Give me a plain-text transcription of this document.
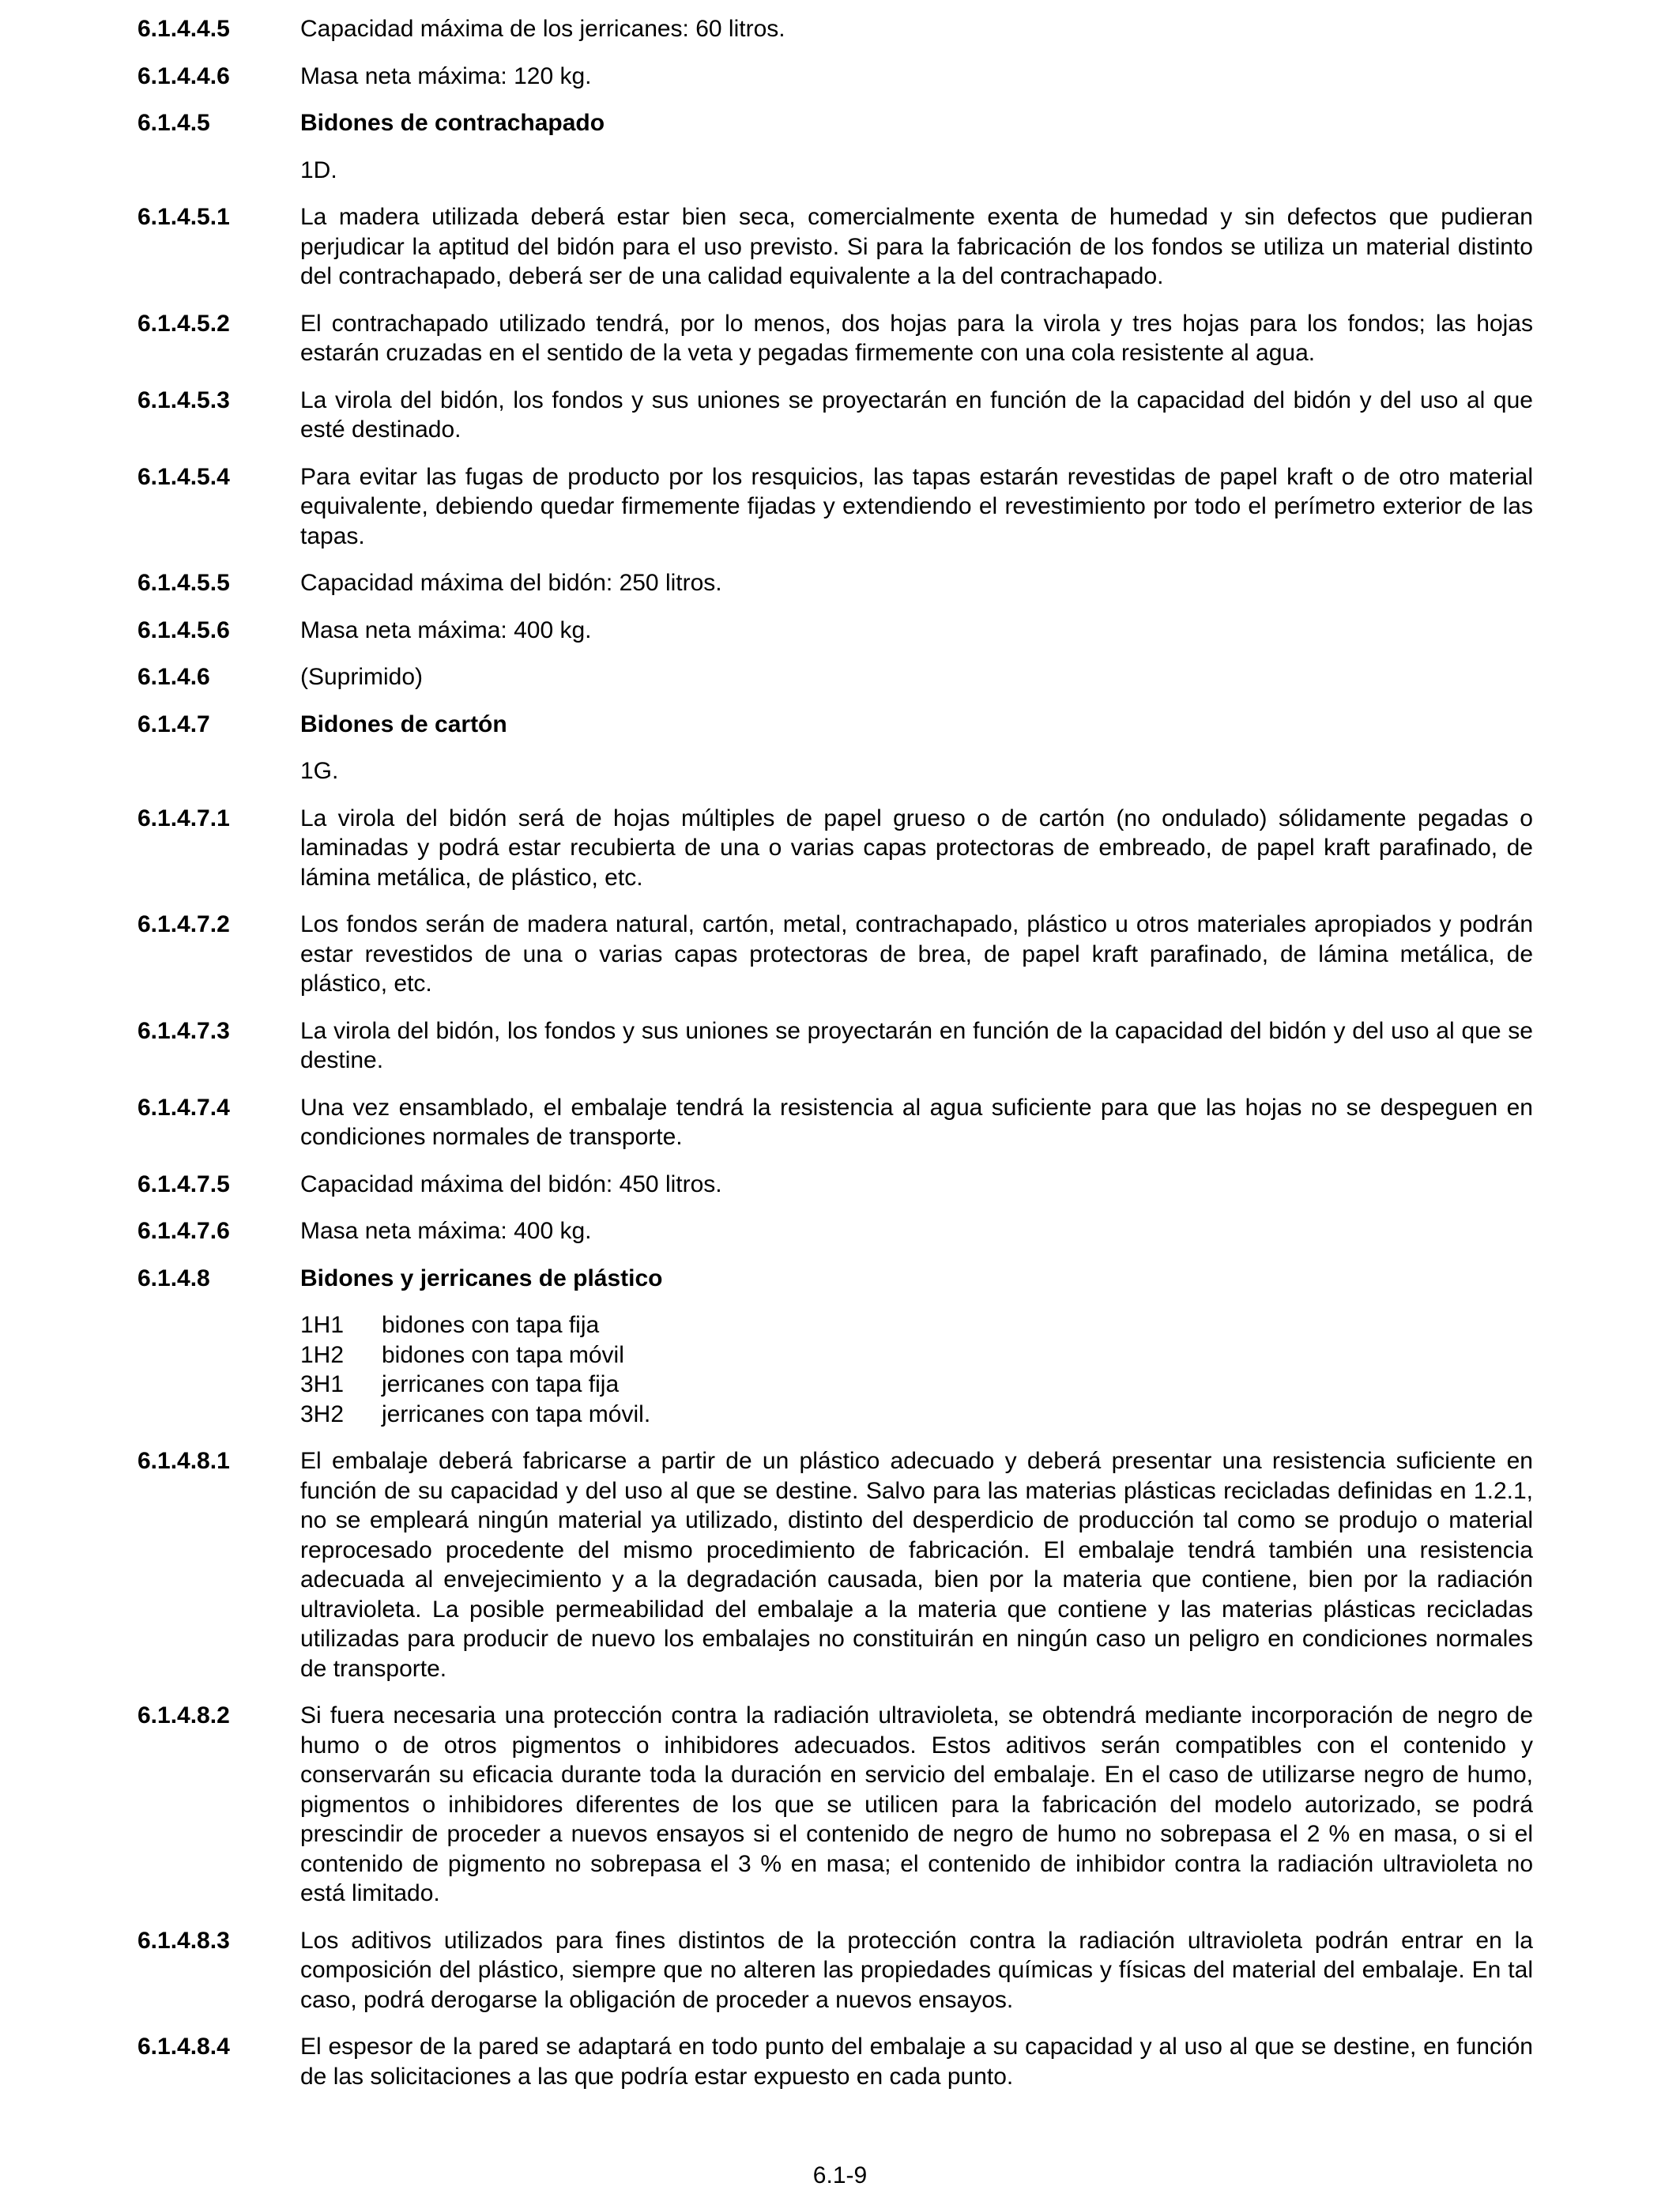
6.1.4.4.5	Capacidad máxima de los jerricanes: 60 litros.
6.1.4.4.6	Masa neta máxima: 120 kg.
6.1.4.5	Bidones de contrachapado
1D.
6.1.4.5.1	La madera utilizada deberá estar bien seca, comercialmente exenta de humedad y sin defectos que pudieran perjudicar la aptitud del bidón para el uso previsto. Si para la fabricación de los fondos se utiliza un material distinto del contrachapado, deberá ser de una calidad equivalente a la del contrachapado.
6.1.4.5.2	El contrachapado utilizado tendrá, por lo menos, dos hojas para la virola y tres hojas para los fondos; las hojas estarán cruzadas en el sentido de la veta y pegadas firmemente con una cola resistente al agua.
6.1.4.5.3	La virola del bidón, los fondos y sus uniones se proyectarán en función de la capacidad del bidón y del uso al que esté destinado.
6.1.4.5.4	Para evitar las fugas de producto por los resquicios, las tapas estarán revestidas de papel kraft o de otro material equivalente, debiendo quedar firmemente fijadas y extendiendo el revestimiento por todo el perímetro exterior de las tapas.
6.1.4.5.5	Capacidad máxima del bidón: 250 litros.
6.1.4.5.6	Masa neta máxima: 400 kg.
6.1.4.6	(Suprimido)
6.1.4.7	Bidones de cartón
1G.
6.1.4.7.1	La virola del bidón será de hojas múltiples de papel grueso o de cartón (no ondulado) sólidamente pegadas o laminadas y podrá estar recubierta de una o varias capas protectoras de embreado, de papel kraft parafinado, de lámina metálica, de plástico, etc.
6.1.4.7.2	Los fondos serán de madera natural, cartón, metal, contrachapado, plástico u otros materiales apropiados y podrán estar revestidos de una o varias capas protectoras de brea, de papel kraft parafinado, de lámina metálica, de plástico, etc.
6.1.4.7.3	La virola del bidón, los fondos y sus uniones se proyectarán en función de la capacidad del bidón y del uso al que se destine.
6.1.4.7.4	Una vez ensamblado, el embalaje tendrá la resistencia al agua suficiente para que las hojas no se despeguen en condiciones normales de transporte.
6.1.4.7.5	Capacidad máxima del bidón: 450 litros.
6.1.4.7.6	Masa neta máxima: 400 kg.
6.1.4.8	Bidones y jerricanes de plástico
1H1	bidones con tapa fija
1H2	bidones con tapa móvil
3H1	jerricanes con tapa fija
3H2	jerricanes con tapa móvil.
6.1.4.8.1	El embalaje deberá fabricarse a partir de un plástico adecuado y deberá presentar una resistencia suficiente en función de su capacidad y del uso al que se destine. Salvo para las materias plásticas recicladas definidas en 1.2.1, no se empleará ningún material ya utilizado, distinto del desperdicio de producción tal como se produjo o material reprocesado procedente del mismo procedimiento de fabricación. El embalaje tendrá también una resistencia adecuada al envejecimiento y a la degradación causada, bien por la materia que contiene, bien por la radiación ultravioleta. La posible permeabilidad del embalaje a la materia que contiene y las materias plásticas recicladas utilizadas para producir de nuevo los embalajes no constituirán en ningún caso un peligro en condiciones normales de transporte.
6.1.4.8.2	Si fuera necesaria una protección contra la radiación ultravioleta, se obtendrá mediante incorporación de negro de humo o de otros pigmentos o inhibidores adecuados. Estos aditivos serán compatibles con el contenido y conservarán su eficacia durante toda la duración en servicio del embalaje. En el caso de utilizarse negro de humo, pigmentos o inhibidores diferentes de los que se utilicen para la fabricación del modelo autorizado, se podrá prescindir de proceder a nuevos ensayos si el contenido de negro de humo no sobrepasa el 2 % en masa, o si el contenido de pigmento no sobrepasa el 3 % en masa; el contenido de inhibidor contra la radiación ultravioleta no está limitado.
6.1.4.8.3	Los aditivos utilizados para fines distintos de la protección contra la radiación ultravioleta podrán entrar en la composición del plástico, siempre que no alteren las propiedades químicas y físicas del material del embalaje. En tal caso, podrá derogarse la obligación de proceder a nuevos ensayos.
6.1.4.8.4	El espesor de la pared se adaptará en todo punto del embalaje a su capacidad y al uso al que se destine, en función de las solicitaciones a las que podría estar expuesto en cada punto.
6.1-9
